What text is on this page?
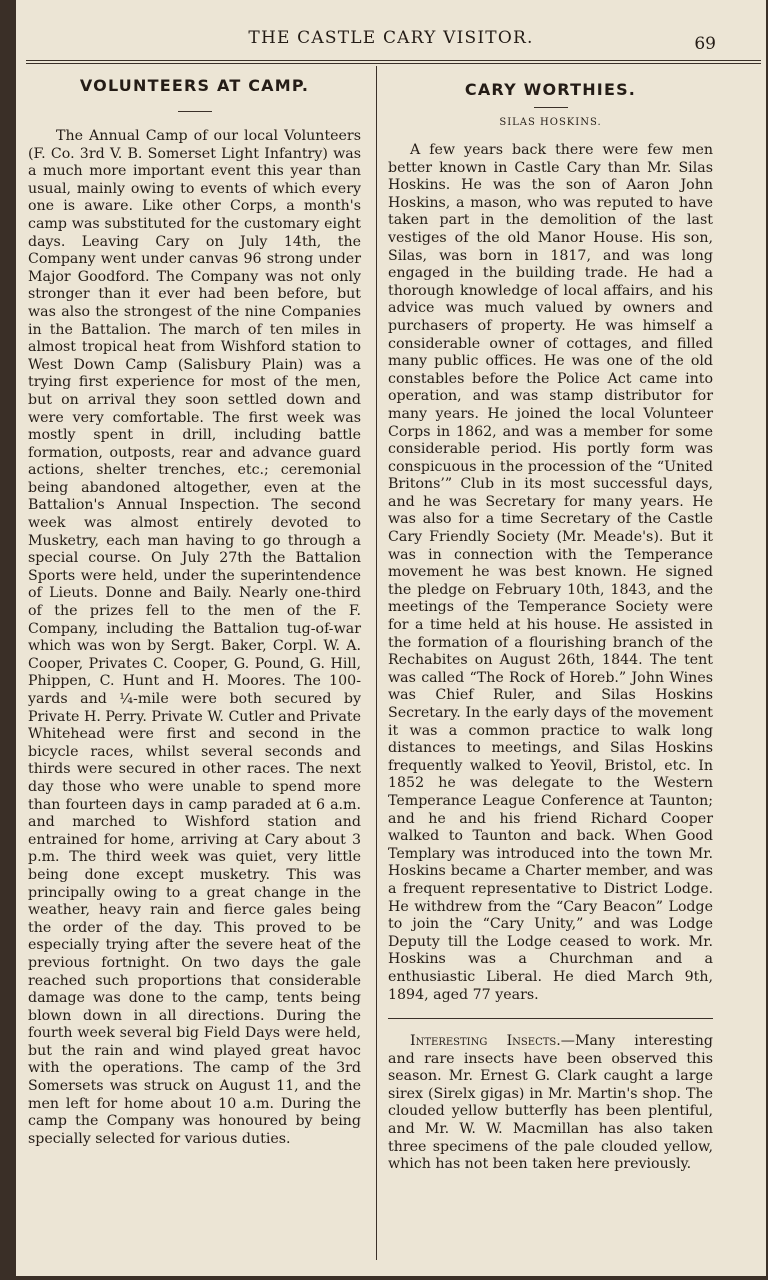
THE CASTLE CARY VISITOR.	69
VOLUNTEERS AT CAMP.

The Annual Camp of our local Volunteers (F. Co. 3rd V. B. Somerset Light Infantry) was a much more important event this year than usual, mainly owing to events of which every one is aware. Like other Corps, a month's camp was substituted for the customary eight days. Leaving Cary on July 14th, the Company went under canvas 96 strong under Major Goodford. The Company was not only stronger than it ever had been before, but was also the strongest of the nine Companies in the Battalion. The march of ten miles in almost tropical heat from Wishford station to West Down Camp (Salisbury Plain) was a trying first experience for most of the men, but on arrival they soon settled down and were very comfortable. The first week was mostly spent in drill, including battle formation, outposts, rear and advance guard actions, shelter trenches, etc.; ceremonial being abandoned altogether, even at the Battalion's Annual Inspection. The second week was almost entirely devoted to Musketry, each man having to go through a special course. On July 27th the Battalion Sports were held, under the superintendence of Lieuts. Donne and Baily. Nearly one-third of the prizes fell to the men of the F. Company, including the Battalion tug-of-war which was won by Sergt. Baker, Corpl. W. A. Cooper, Privates C. Cooper, G. Pound, G. Hill, Phippen, C. Hunt and H. Moores. The 100-yards and ¼-mile were both secured by Private H. Perry. Private W. Cutler and Private Whitehead were first and second in the bicycle races, whilst several seconds and thirds were secured in other races. The next day those who were unable to spend more than fourteen days in camp paraded at 6 a.m. and marched to Wishford station and entrained for home, arriving at Cary about 3 p.m. The third week was quiet, very little being done except musketry. This was principally owing to a great change in the weather, heavy rain and fierce gales being the order of the day. This proved to be especially trying after the severe heat of the previous fortnight. On two days the gale reached such proportions that considerable damage was done to the camp, tents being blown down in all directions. During the fourth week several big Field Days were held, but the rain and wind played great havoc with the operations. The camp of the 3rd Somersets was struck on August 11, and the men left for home about 10 a.m. During the camp the Company was honoured by being specially selected for various duties.

CARY WORTHIES.
SILAS HOSKINS.

A few years back there were few men better known in Castle Cary than Mr. Silas Hoskins. He was the son of Aaron John Hoskins, a mason, who was reputed to have taken part in the demolition of the last vestiges of the old Manor House. His son, Silas, was born in 1817, and was long engaged in the building trade. He had a thorough knowledge of local affairs, and his advice was much valued by owners and purchasers of property. He was himself a considerable owner of cottages, and filled many public offices. He was one of the old constables before the Police Act came into operation, and was stamp distributor for many years. He joined the local Volunteer Corps in 1862, and was a member for some considerable period. His portly form was conspicuous in the procession of the “United Britons’” Club in its most successful days, and he was Secretary for many years. He was also for a time Secretary of the Castle Cary Friendly Society (Mr. Meade's). But it was in connection with the Temperance movement he was best known. He signed the pledge on February 10th, 1843, and the meetings of the Temperance Society were for a time held at his house. He assisted in the formation of a flourishing branch of the Rechabites on August 26th, 1844. The tent was called “The Rock of Horeb.” John Wines was Chief Ruler, and Silas Hoskins Secretary. In the early days of the movement it was a common practice to walk long distances to meetings, and Silas Hoskins frequently walked to Yeovil, Bristol, etc. In 1852 he was delegate to the Western Temperance League Conference at Taunton; and he and his friend Richard Cooper walked to Taunton and back. When Good Templary was introduced into the town Mr. Hoskins became a Charter member, and was a frequent representative to District Lodge. He withdrew from the “Cary Beacon” Lodge to join the “Cary Unity,” and was Lodge Deputy till the Lodge ceased to work. Mr. Hoskins was a Churchman and a enthusiastic Liberal. He died March 9th, 1894, aged 77 years.

Interesting Insects.—Many interesting and rare insects have been observed this season. Mr. Ernest G. Clark caught a large sirex (Sirelx gigas) in Mr. Martin's shop. The clouded yellow butterfly has been plentiful, and Mr. W. W. Macmillan has also taken three specimens of the pale clouded yellow, which has not been taken here previously.
